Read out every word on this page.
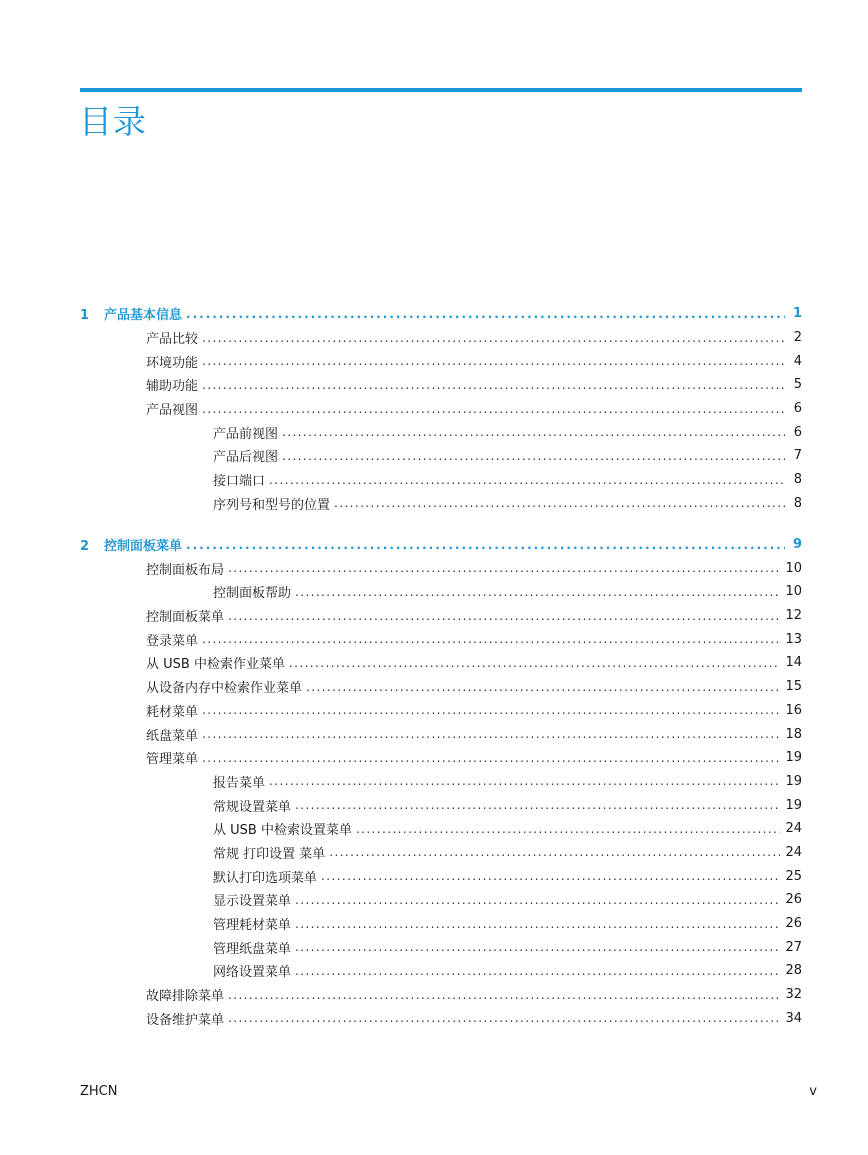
目录
1 产品基本信息 .....	1
产品比较 .....	2
环境功能 .....	4
辅助功能 .....	5
产品视图 .....	6
产品前视图 .....	6
产品后视图 .....	7
接口端口 .....	8
序列号和型号的位置 .....	8
2 控制面板菜单 .....	9
控制面板布局 .....	10
控制面板帮助 .....	10
控制面板菜单 .....	12
登录菜单 .....	13
从 USB 中检索作业菜单 .....	14
从设备内存中检索作业菜单 .....	15
耗材菜单 .....	16
纸盘菜单 .....	18
管理菜单 .....	19
报告菜单 .....	19
常规设置菜单 .....	19
从 USB 中检索设置菜单 .....	24
常规 打印设置 菜单 .....	24
默认打印选项菜单 .....	25
显示设置菜单 .....	26
管理耗材菜单 .....	26
管理纸盘菜单 .....	27
网络设置菜单 .....	28
故障排除菜单 .....	32
设备维护菜单 .....	34
ZHCN	v
